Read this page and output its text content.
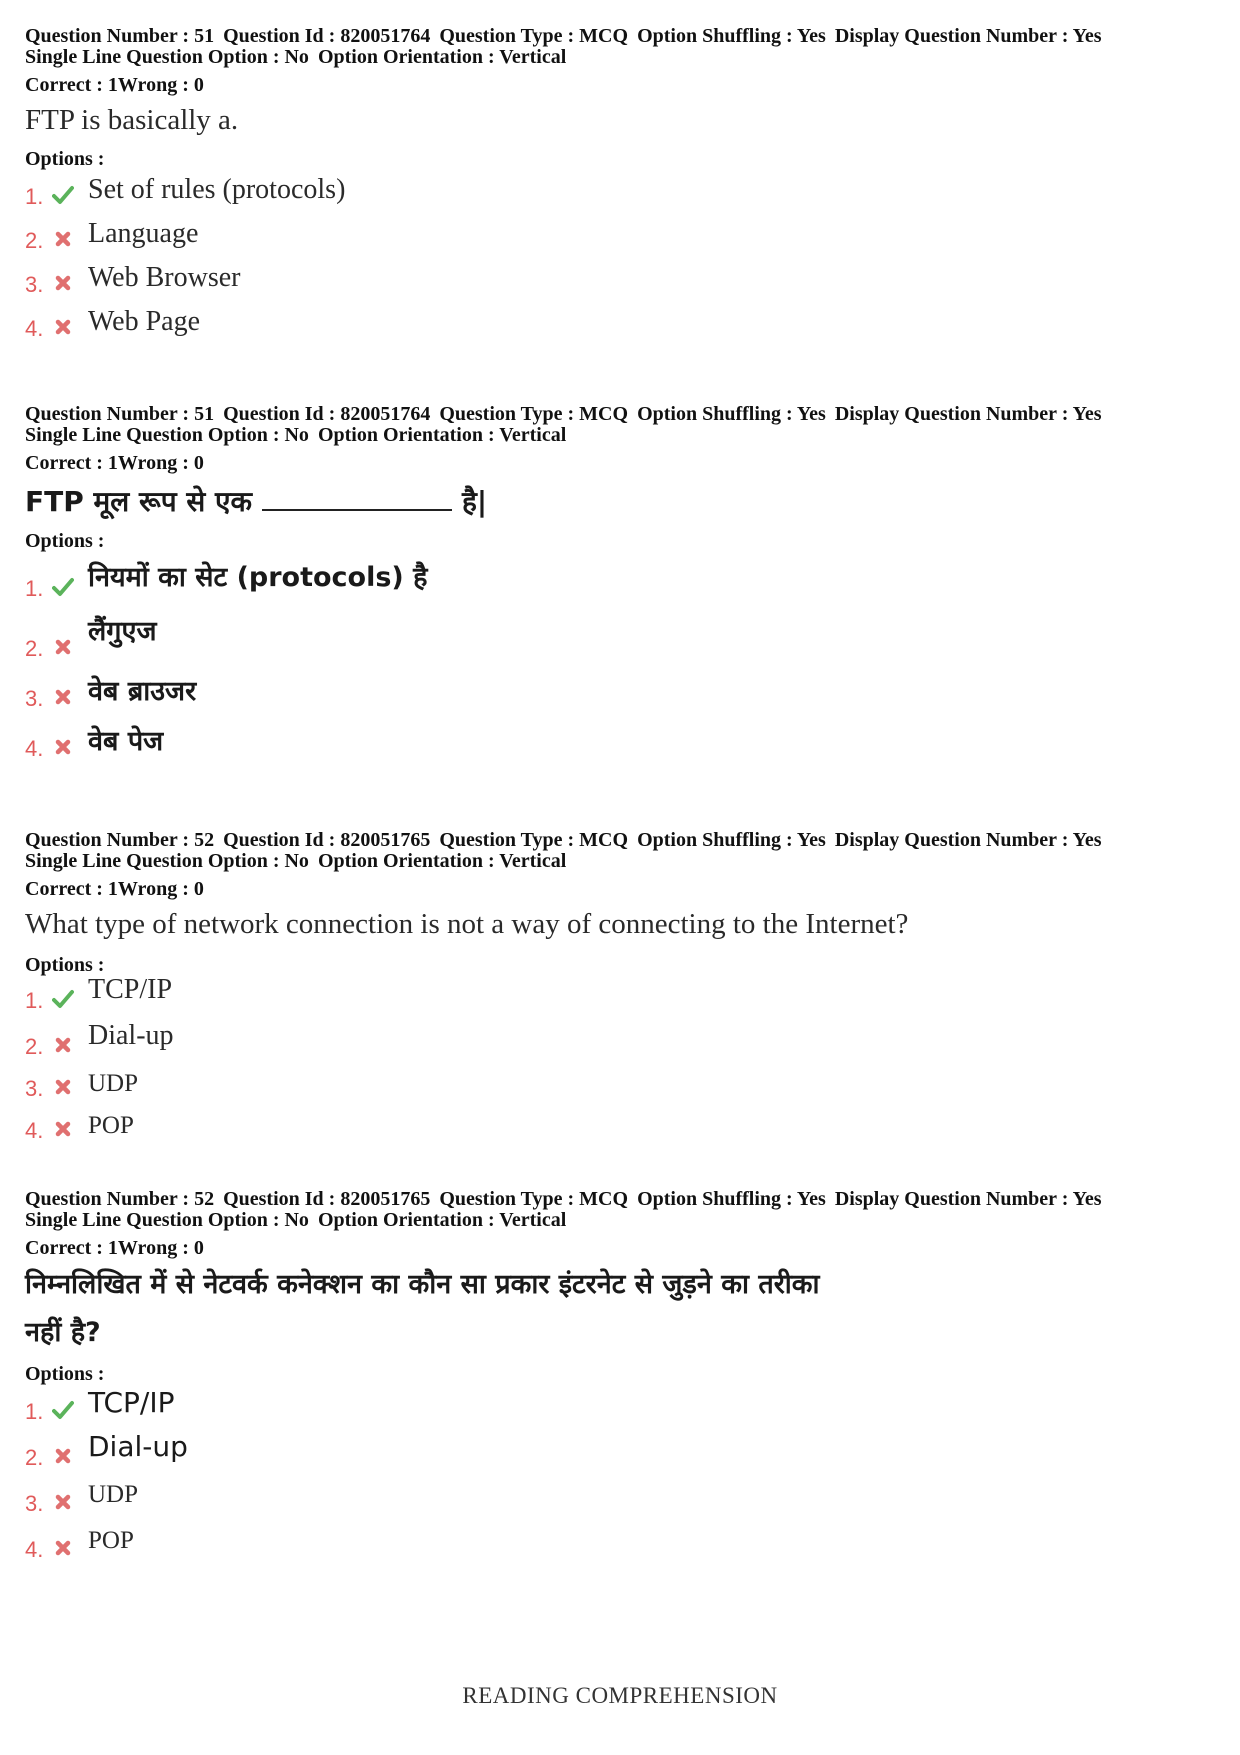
Question Number : 51 Question Id : 820051764 Question Type : MCQ Option Shuffling : Yes Display Question Number : Yes
Single Line Question Option : No Option Orientation : Vertical
Correct : 1Wrong : 0
FTP is basically a.
Options :
1. Set of rules (protocols)
2. Language
3. Web Browser
4. Web Page
Question Number : 51 Question Id : 820051764 Question Type : MCQ Option Shuffling : Yes Display Question Number : Yes
Single Line Question Option : No Option Orientation : Vertical
Correct : 1Wrong : 0
FTP मूल रूप से एक	है|
Options :
1. नियमों का सेट (protocols) है
2.
लैंगुएज
3. वेब ब्राउजर
4. वेब पेज
Question Number : 52 Question Id : 820051765 Question Type : MCQ Option Shuffling : Yes Display Question Number : Yes
Single Line Question Option : No Option Orientation : Vertical
Correct : 1Wrong : 0
What type of network connection is not a way of connecting to the Internet?
Options :
1. TCP/IP
2. Dial-up
3. UDP
4. POP
Question Number : 52 Question Id : 820051765 Question Type : MCQ Option Shuffling : Yes Display Question Number : Yes
Single Line Question Option : No Option Orientation : Vertical
Correct : 1Wrong : 0
निम्नलिखित में से नेटवर्क कनेक्शन का कौन सा प्रकार इंटरनेट से जुड़ने का तरीका
नहीं है?
Options :
1. TCP/IP
2. Dial-up
3. UDP
4. POP
READING COMPREHENSION
